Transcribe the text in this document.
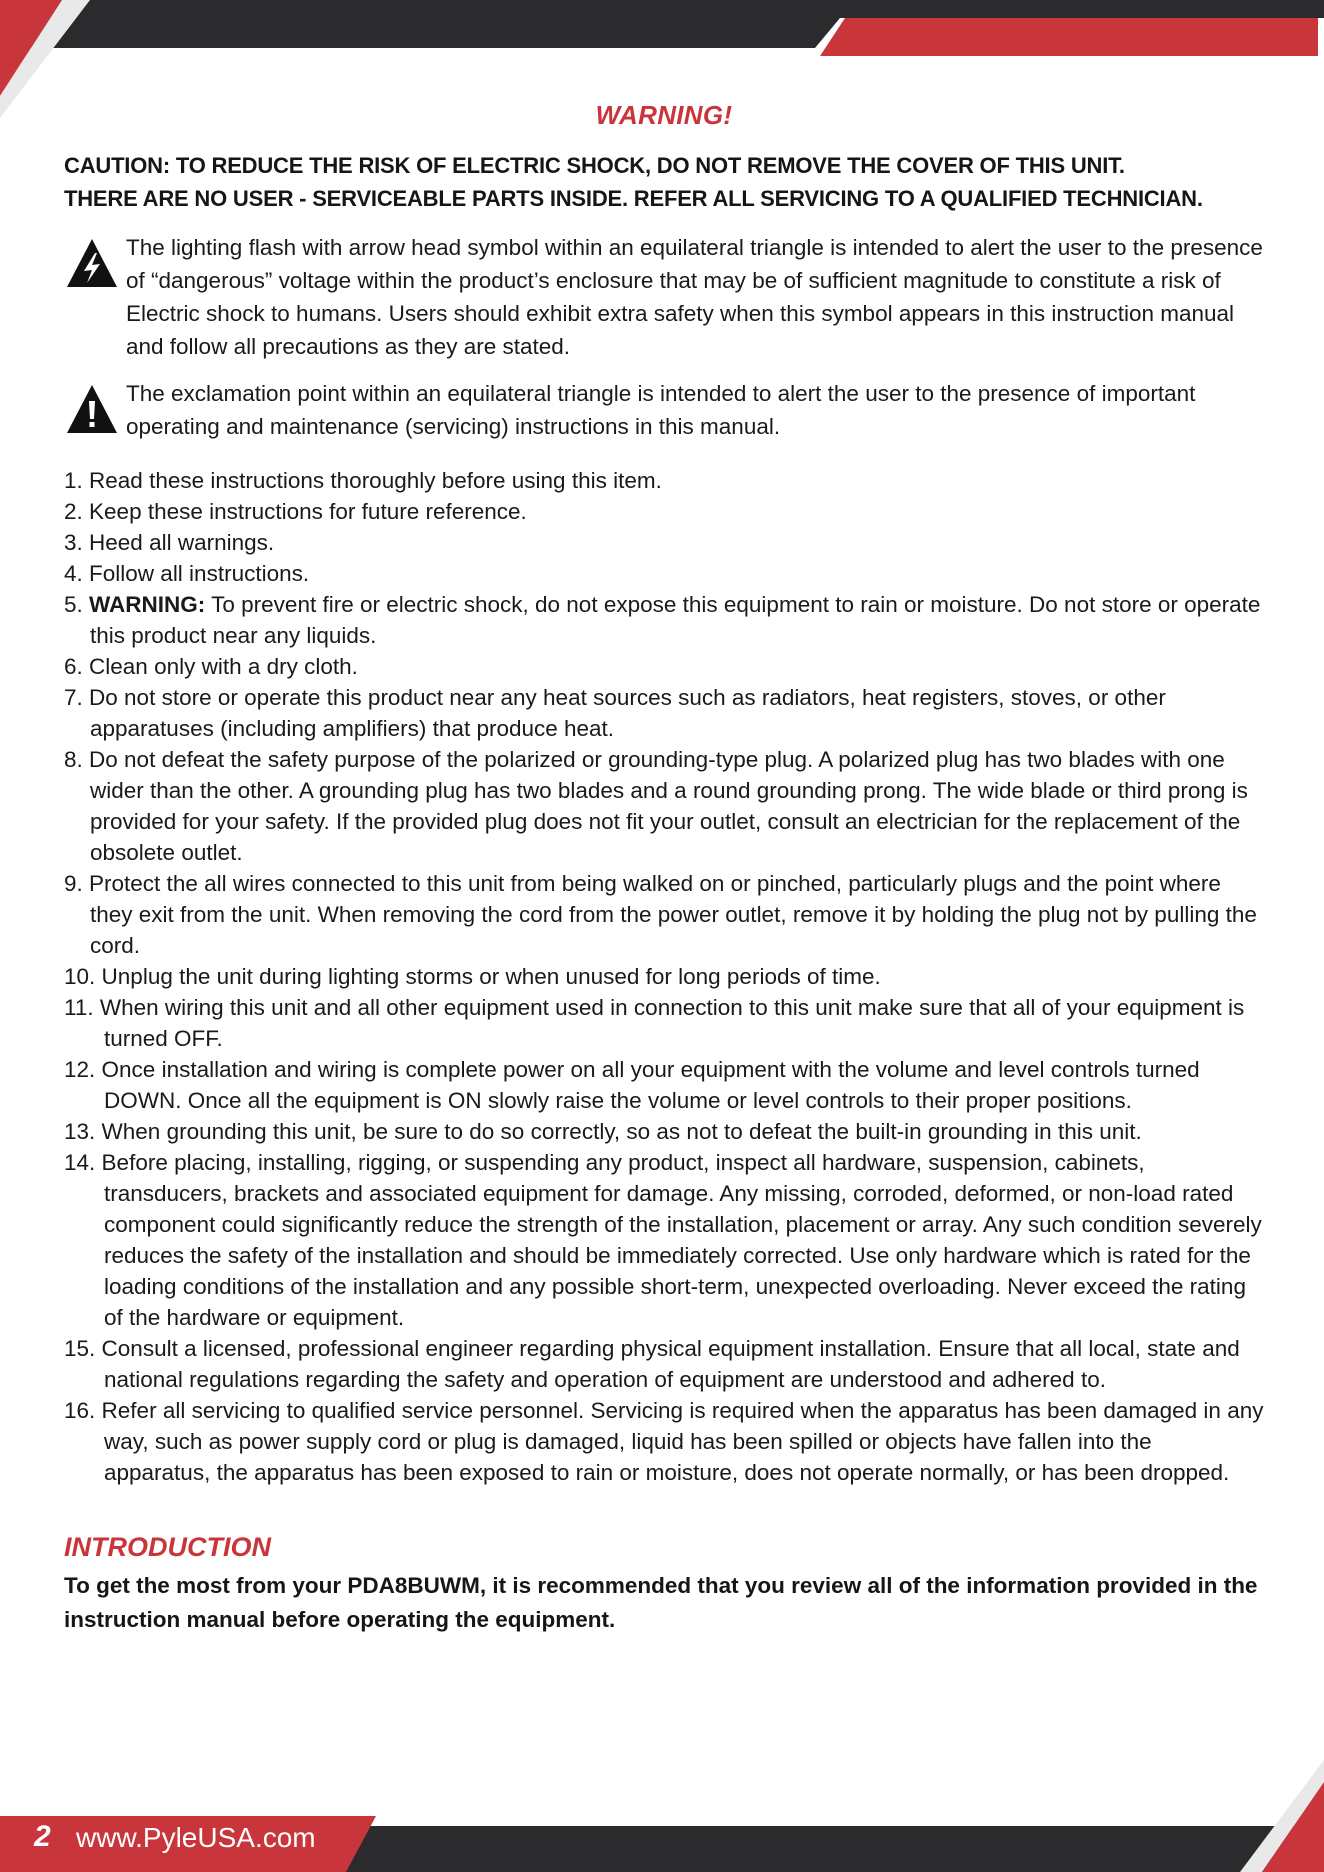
WARNING!
CAUTION: TO REDUCE THE RISK OF ELECTRIC SHOCK, DO NOT REMOVE THE COVER OF THIS UNIT.
THERE ARE NO USER - SERVICEABLE PARTS INSIDE. REFER ALL SERVICING TO A QUALIFIED TECHNICIAN.
The lighting flash with arrow head symbol within an equilateral triangle is intended to alert the user to the presence of “dangerous” voltage within the product’s enclosure that may be of sufficient magnitude to constitute a risk of Electric shock to humans. Users should exhibit extra safety when this symbol appears in this instruction manual and follow all precautions as they are stated.
The exclamation point within an equilateral triangle is intended to alert the user to the presence of important operating and maintenance (servicing) instructions in this manual.
1. Read these instructions thoroughly before using this item.
2. Keep these instructions for future reference.
3. Heed all warnings.
4. Follow all instructions.
5. WARNING: To prevent fire or electric shock, do not expose this equipment to rain or moisture. Do not store or operate this product near any liquids.
6. Clean only with a dry cloth.
7. Do not store or operate this product near any heat sources such as radiators, heat registers, stoves, or other apparatuses (including amplifiers) that produce heat.
8. Do not defeat the safety purpose of the polarized or grounding-type plug. A polarized plug has two blades with one wider than the other. A grounding plug has two blades and a round grounding prong. The wide blade or third prong is provided for your safety. If the provided plug does not fit your outlet, consult an electrician for the replacement of the obsolete outlet.
9. Protect the all wires connected to this unit from being walked on or pinched, particularly plugs and the point where they exit from the unit. When removing the cord from the power outlet, remove it by holding the plug not by pulling the cord.
10. Unplug the unit during lighting storms or when unused for long periods of time.
11. When wiring this unit and all other equipment used in connection to this unit make sure that all of your equipment is turned OFF.
12. Once installation and wiring is complete power on all your equipment with the volume and level controls turned DOWN. Once all the equipment is ON slowly raise the volume or level controls to their proper positions.
13. When grounding this unit, be sure to do so correctly, so as not to defeat the built-in grounding in this unit.
14. Before placing, installing, rigging, or suspending any product, inspect all hardware, suspension, cabinets, transducers, brackets and associated equipment for damage. Any missing, corroded, deformed, or non-load rated component could significantly reduce the strength of the installation, placement or array. Any such condition severely reduces the safety of the installation and should be immediately corrected. Use only hardware which is rated for the loading conditions of the installation and any possible short-term, unexpected overloading. Never exceed the rating of the hardware or equipment.
15. Consult a licensed, professional engineer regarding physical equipment installation. Ensure that all local, state and national regulations regarding the safety and operation of equipment are understood and adhered to.
16. Refer all servicing to qualified service personnel. Servicing is required when the apparatus has been damaged in any way, such as power supply cord or plug is damaged, liquid has been spilled or objects have fallen into the apparatus, the apparatus has been exposed to rain or moisture, does not operate normally, or has been dropped.
INTRODUCTION

To get the most from your PDA8BUWM, it is recommended that you review all of the information provided in the instruction manual before operating the equipment.

2 www.PyleUSA.com
